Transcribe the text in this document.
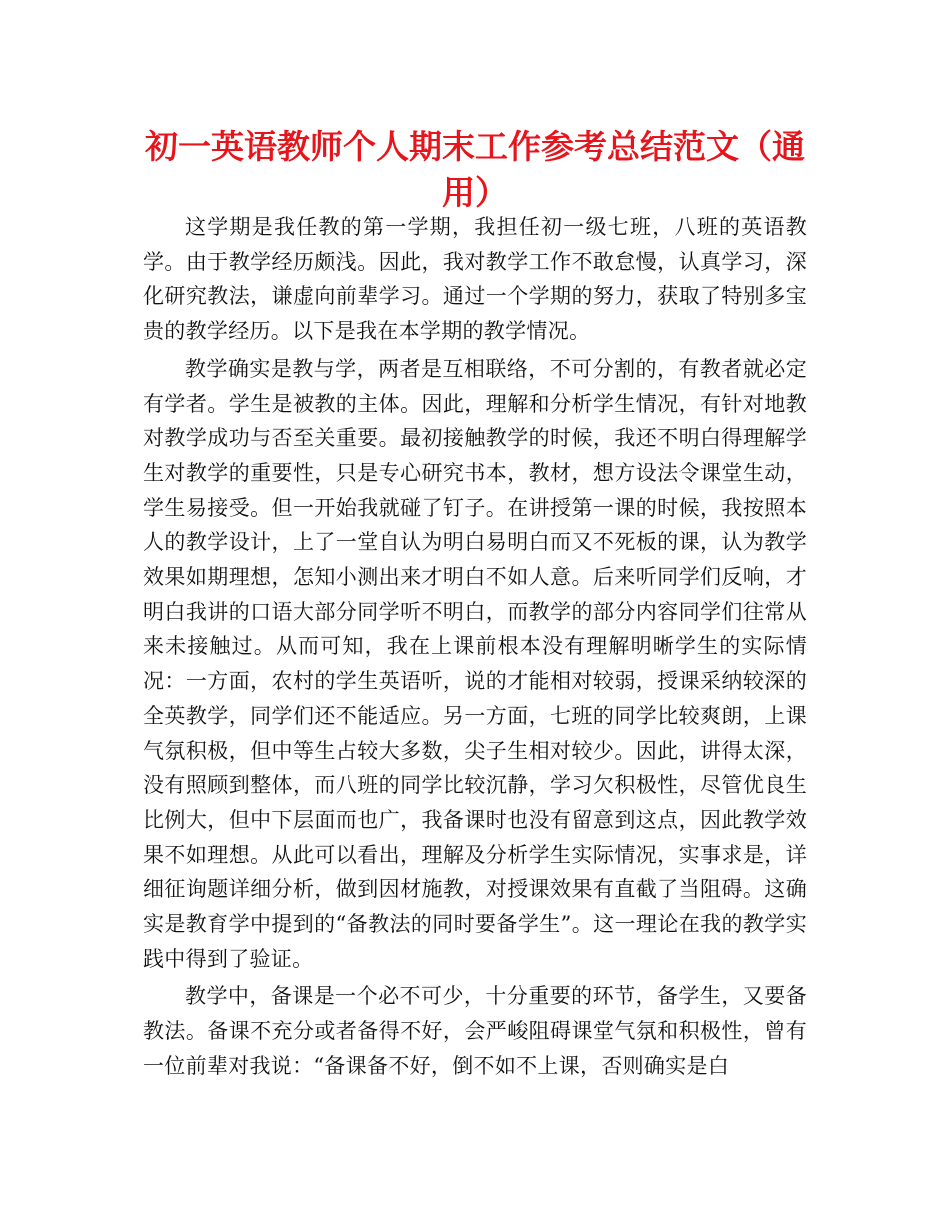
初一英语教师个人期末工作参考总结范文（通用）

这学期是我任教的第一学期，我担任初一级七班，八班的英语教学。由于教学经历颇浅。因此，我对教学工作不敢怠慢，认真学习，深化研究教法，谦虚向前辈学习。通过一个学期的努力，获取了特别多宝贵的教学经历。以下是我在本学期的教学情况。

教学确实是教与学，两者是互相联络，不可分割的，有教者就必定有学者。学生是被教的主体。因此，理解和分析学生情况，有针对地教对教学成功与否至关重要。最初接触教学的时候，我还不明白得理解学生对教学的重要性，只是专心研究书本，教材，想方设法令课堂生动，学生易接受。但一开始我就碰了钉子。在讲授第一课的时候，我按照本人的教学设计，上了一堂自认为明白易明白而又不死板的课，认为教学效果如期理想，怎知小测出来才明白不如人意。后来听同学们反响，才明白我讲的口语大部分同学听不明白，而教学的部分内容同学们往常从来未接触过。从而可知，我在上课前根本没有理解明晰学生的实际情况：一方面，农村的学生英语听，说的才能相对较弱，授课采纳较深的全英教学，同学们还不能适应。另一方面，七班的同学比较爽朗，上课气氛积极，但中等生占较大多数，尖子生相对较少。因此，讲得太深，没有照顾到整体，而八班的同学比较沉静，学习欠积极性，尽管优良生比例大，但中下层面而也广，我备课时也没有留意到这点，因此教学效果不如理想。从此可以看出，理解及分析学生实际情况，实事求是，详细征询题详细分析，做到因材施教，对授课效果有直截了当阻碍。这确实是教育学中提到的“备教法的同时要备学生”。这一理论在我的教学实践中得到了验证。

教学中，备课是一个必不可少，十分重要的环节，备学生，又要备教法。备课不充分或者备得不好，会严峻阻碍课堂气氛和积极性，曾有一位前辈对我说：“备课备不好，倒不如不上课，否则确实是白
